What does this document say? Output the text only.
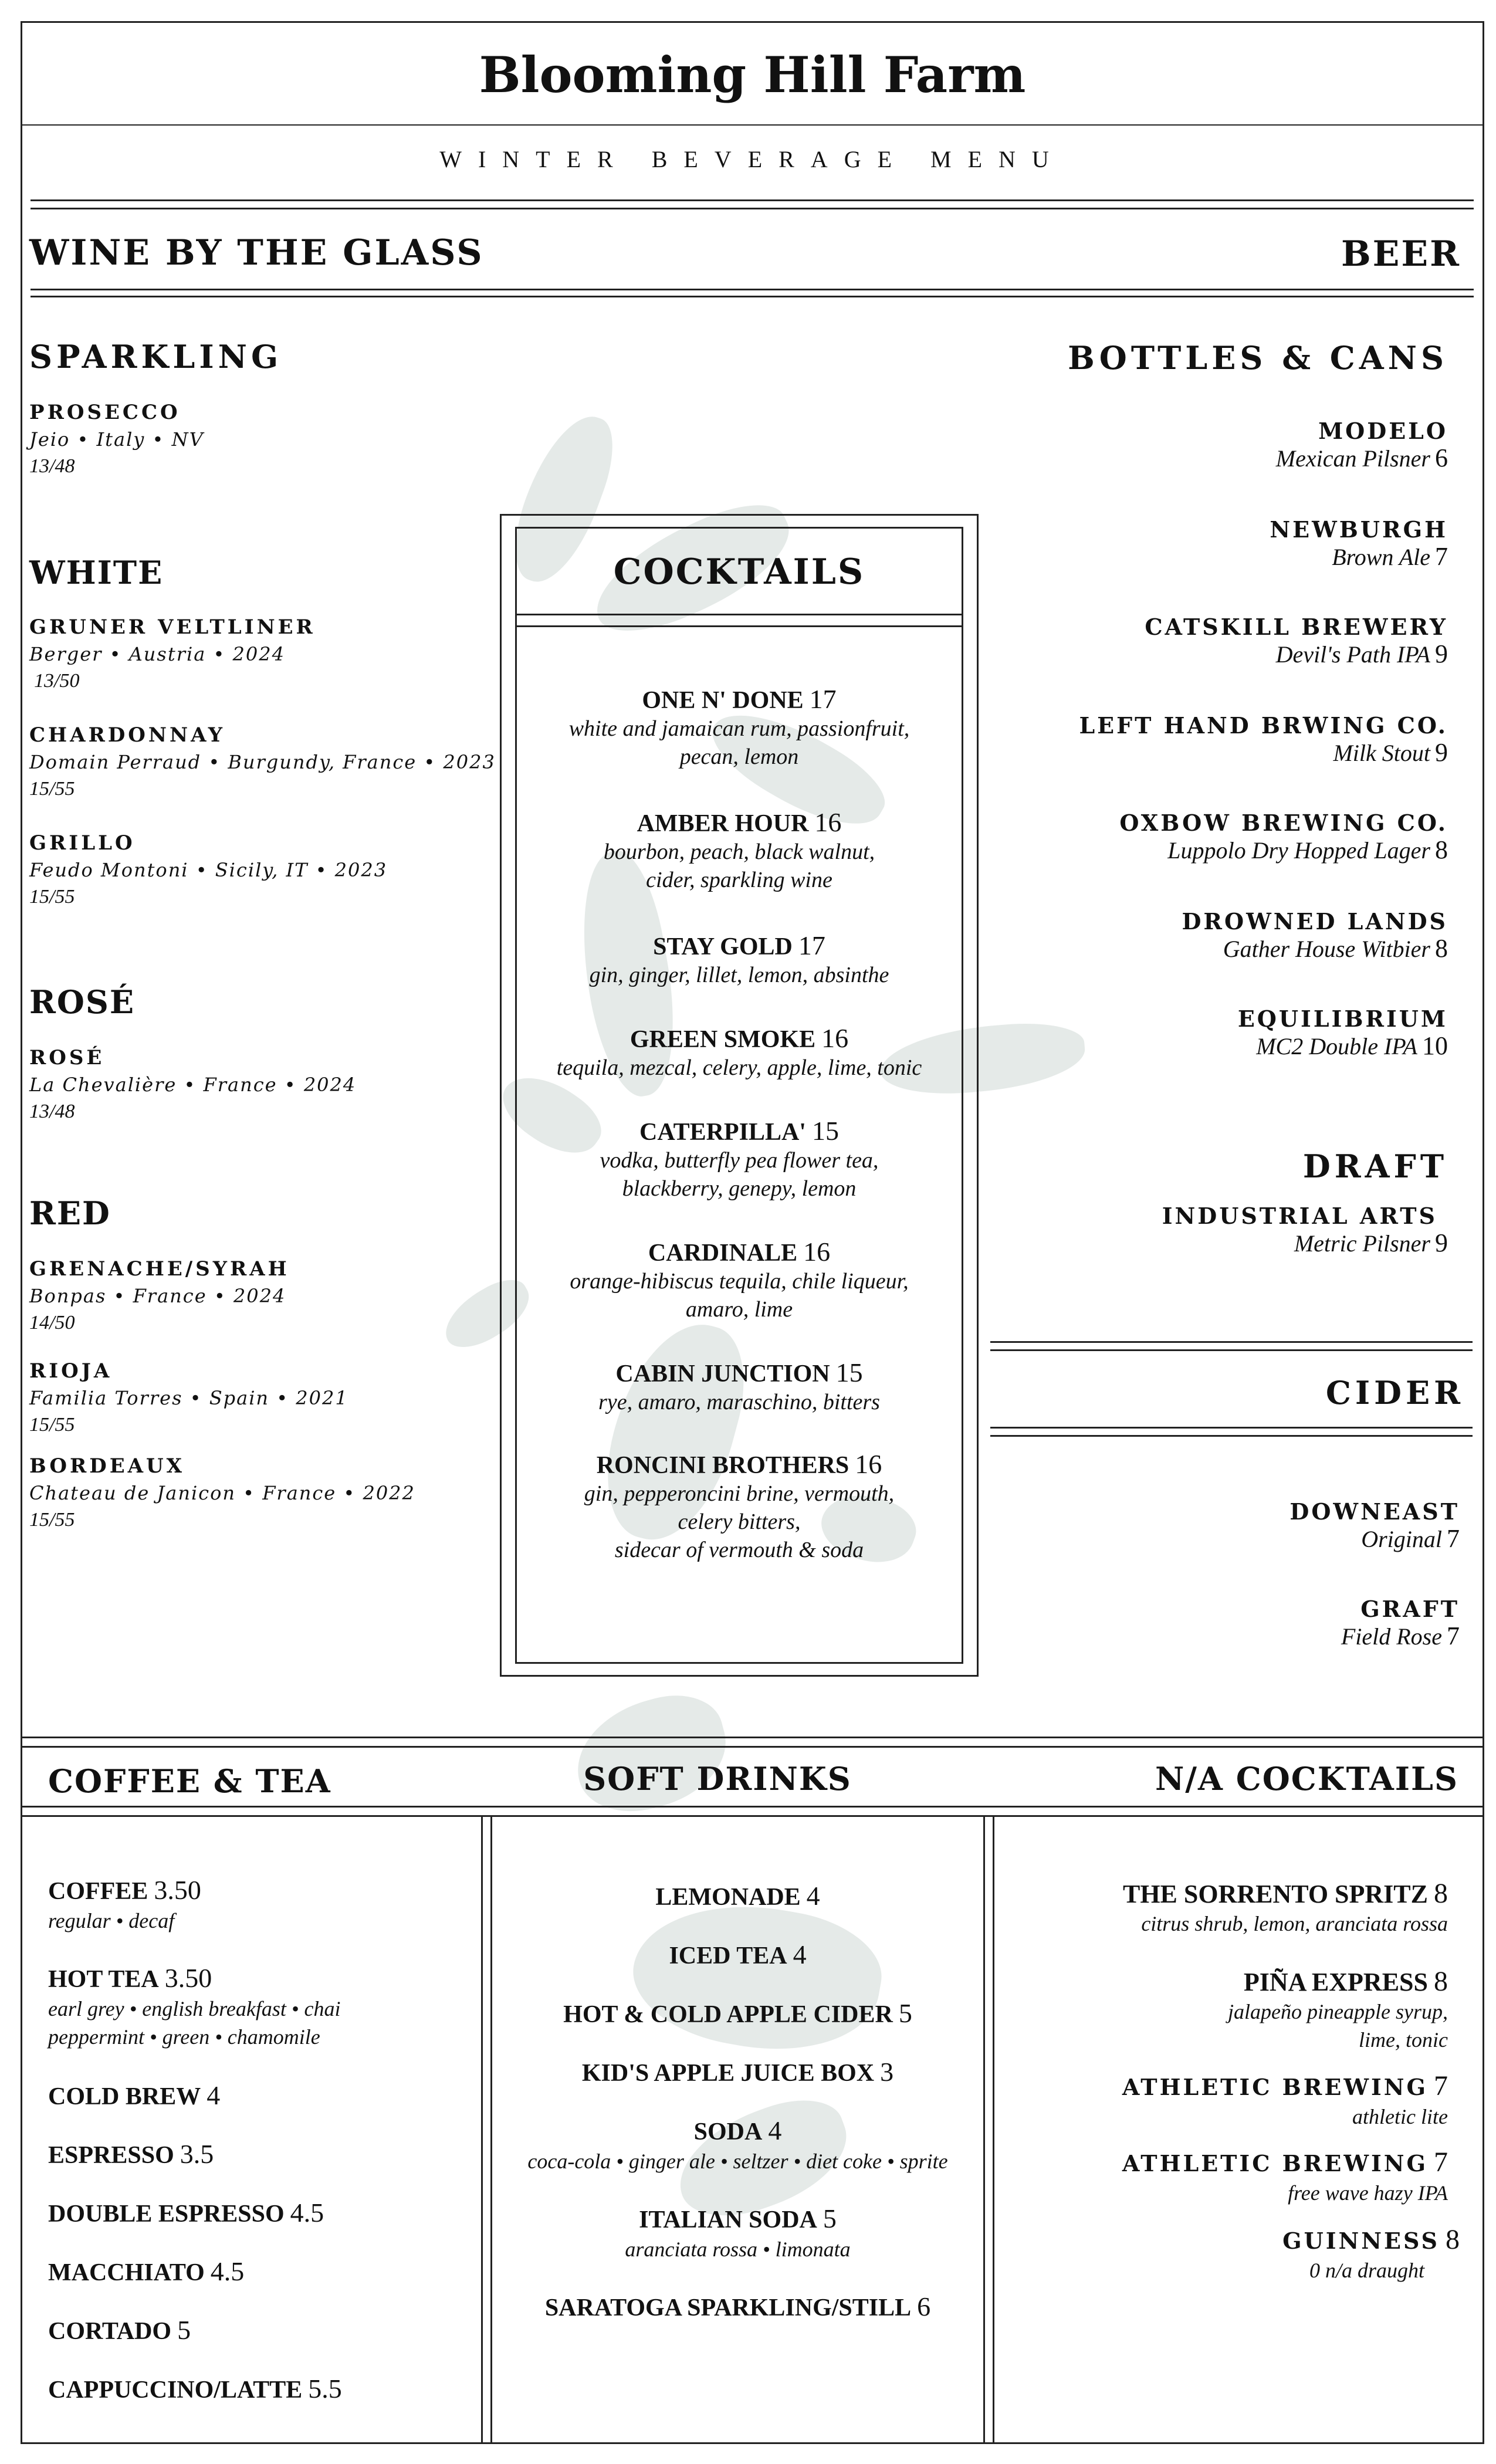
Blooming Hill Farm
WINTER BEVERAGE MENU
WINE BY THE GLASS	BEER
SPARKLING
PROSECCO
Jeio • Italy • NV
13/48
WHITE
GRUNER VELTLINER
Berger • Austria • 2024
13/50
CHARDONNAY
Domain Perraud • Burgundy, France • 2023
15/55
GRILLO
Feudo Montoni • Sicily, IT • 2023
15/55
ROSÉ
ROSÉ
La Chevalière • France • 2024
13/48
RED
GRENACHE/SYRAH
Bonpas • France • 2024
14/50
RIOJA
Familia Torres • Spain • 2021
15/55
BORDEAUX
Chateau de Janicon • France • 2022
15/55
COCKTAILS
ONE N' DONE 17
white and jamaican rum, passionfruit,
pecan, lemon
AMBER HOUR 16
bourbon, peach, black walnut,
cider, sparkling wine
STAY GOLD 17
gin, ginger, lillet, lemon, absinthe
GREEN SMOKE 16
tequila, mezcal, celery, apple, lime, tonic
CATERPILLA' 15
vodka, butterfly pea flower tea,
blackberry, genepy, lemon
CARDINALE 16
orange-hibiscus tequila, chile liqueur,
amaro, lime
CABIN JUNCTION 15
rye, amaro, maraschino, bitters
RONCINI BROTHERS 16
gin, pepperoncini brine, vermouth,
celery bitters,
sidecar of vermouth & soda
BOTTLES & CANS
MODELO
Mexican Pilsner 6
NEWBURGH
Brown Ale 7
CATSKILL BREWERY
Devil's Path IPA 9
LEFT HAND BRWING CO.
Milk Stout 9
OXBOW BREWING CO.
Luppolo Dry Hopped Lager 8
DROWNED LANDS
Gather House Witbier 8
EQUILIBRIUM
MC2 Double IPA 10
DRAFT
INDUSTRIAL ARTS
Metric Pilsner 9
CIDER
DOWNEAST
Original 7
GRAFT
Field Rose 7
COFFEE & TEA	SOFT DRINKS	N/A COCKTAILS
COFFEE 3.50
regular • decaf
HOT TEA 3.50
earl grey • english breakfast • chai
peppermint • green • chamomile
COLD BREW 4
ESPRESSO 3.5
DOUBLE ESPRESSO 4.5
MACCHIATO 4.5
CORTADO 5
CAPPUCCINO/LATTE 5.5
LEMONADE 4
ICED TEA 4
HOT & COLD APPLE CIDER 5
KID'S APPLE JUICE BOX 3
SODA 4
coca-cola • ginger ale • seltzer • diet coke • sprite
ITALIAN SODA 5
aranciata rossa • limonata
SARATOGA SPARKLING/STILL 6
THE SORRENTO SPRITZ 8
citrus shrub, lemon, aranciata rossa
PIÑA EXPRESS 8
jalapeño pineapple syrup,
lime, tonic
ATHLETIC BREWING 7
athletic lite
ATHLETIC BREWING 7
free wave hazy IPA
GUINNESS 8
0 n/a draught
